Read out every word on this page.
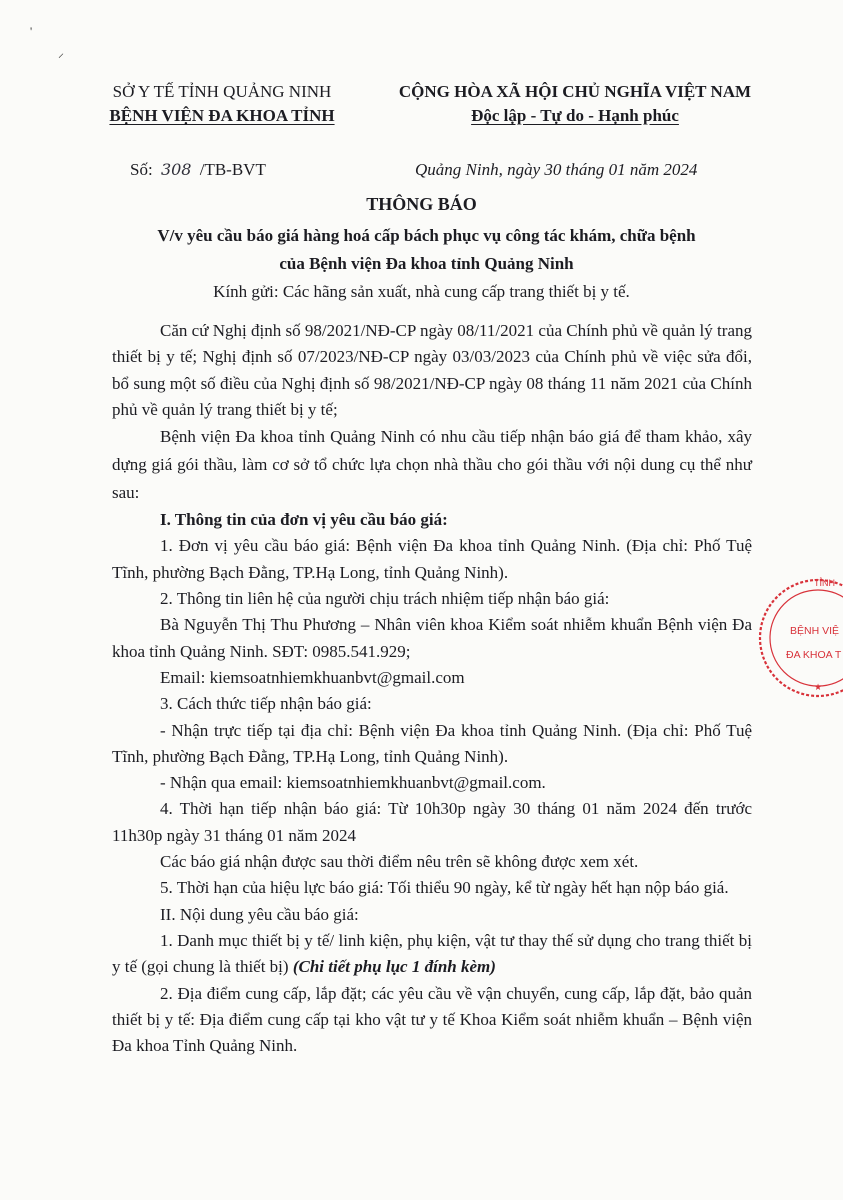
'
⸝
SỞ Y TẾ TỈNH QUẢNG NINH
BỆNH VIỆN ĐA KHOA TỈNH
CỘNG HÒA XÃ HỘI CHỦ NGHĨA VIỆT NAM
Độc lập - Tự do - Hạnh phúc
Số: 308 /TB-BVT	Quảng Ninh, ngày 30 tháng 01 năm 2024
THÔNG BÁO
V/v yêu cầu báo giá hàng hoá cấp bách phục vụ công tác khám, chữa bệnh
của Bệnh viện Đa khoa tỉnh Quảng Ninh
Kính gửi: Các hãng sản xuất, nhà cung cấp trang thiết bị y tế.

Căn cứ Nghị định số 98/2021/NĐ-CP ngày 08/11/2021 của Chính phủ về quản lý trang thiết bị y tế; Nghị định số 07/2023/NĐ-CP ngày 03/03/2023 của Chính phủ về việc sửa đổi, bổ sung một số điều của Nghị định số 98/2021/NĐ-CP ngày 08 tháng 11 năm 2021 của Chính phủ về quản lý trang thiết bị y tế;

Bệnh viện Đa khoa tỉnh Quảng Ninh có nhu cầu tiếp nhận báo giá để tham khảo, xây dựng giá gói thầu, làm cơ sở tổ chức lựa chọn nhà thầu cho gói thầu với nội dung cụ thể như sau:

I. Thông tin của đơn vị yêu cầu báo giá:

1. Đơn vị yêu cầu báo giá: Bệnh viện Đa khoa tỉnh Quảng Ninh. (Địa chỉ: Phố Tuệ Tĩnh, phường Bạch Đằng, TP.Hạ Long, tỉnh Quảng Ninh).

2. Thông tin liên hệ của người chịu trách nhiệm tiếp nhận báo giá:

Bà Nguyễn Thị Thu Phương – Nhân viên khoa Kiểm soát nhiễm khuẩn Bệnh viện Đa khoa tỉnh Quảng Ninh. SĐT: 0985.541.929;

Email: kiemsoatnhiemkhuanbvt@gmail.com

3. Cách thức tiếp nhận báo giá:

- Nhận trực tiếp tại địa chỉ: Bệnh viện Đa khoa tỉnh Quảng Ninh. (Địa chỉ: Phố Tuệ Tĩnh, phường Bạch Đằng, TP.Hạ Long, tỉnh Quảng Ninh).

- Nhận qua email: kiemsoatnhiemkhuanbvt@gmail.com.

4. Thời hạn tiếp nhận báo giá: Từ 10h30p ngày 30 tháng 01 năm 2024 đến trước 11h30p ngày 31 tháng 01 năm 2024

Các báo giá nhận được sau thời điểm nêu trên sẽ không được xem xét.

5. Thời hạn của hiệu lực báo giá: Tối thiểu 90 ngày, kể từ ngày hết hạn nộp báo giá.

II. Nội dung yêu cầu báo giá:

1. Danh mục thiết bị y tế/ linh kiện, phụ kiện, vật tư thay thế sử dụng cho trang thiết bị y tế (gọi chung là thiết bị) (Chi tiết phụ lục 1 đính kèm)

2. Địa điểm cung cấp, lắp đặt; các yêu cầu về vận chuyển, cung cấp, lắp đặt, bảo quản thiết bị y tế: Địa điểm cung cấp tại kho vật tư y tế Khoa Kiểm soát nhiễm khuẩn – Bệnh viện Đa khoa Tỉnh Quảng Ninh.

TỈNH
BỆNH VIỆ
ĐA KHOA T
★
